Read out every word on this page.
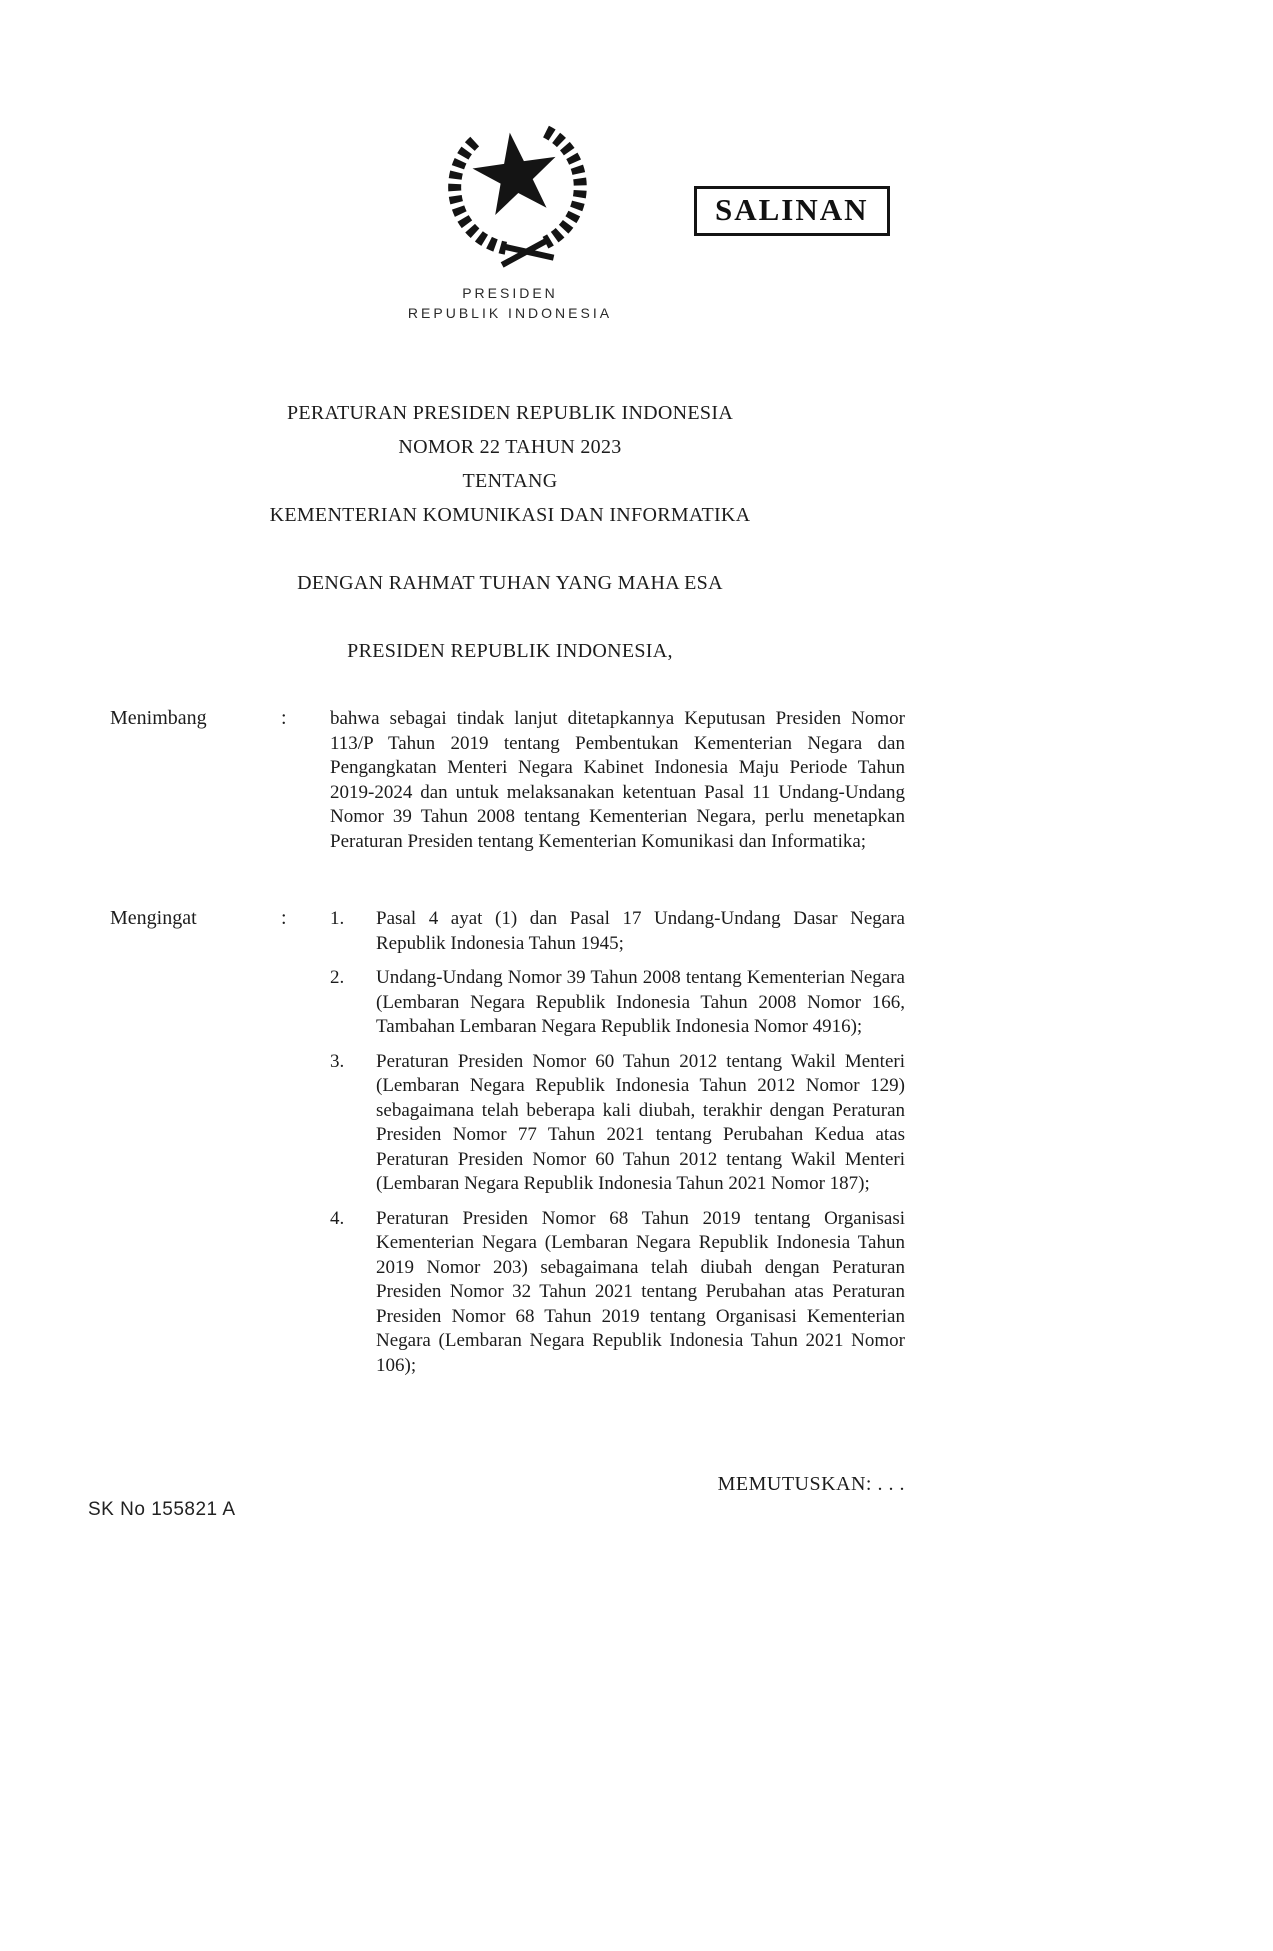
SALINAN
PRESIDEN
REPUBLIK INDONESIA
PERATURAN PRESIDEN REPUBLIK INDONESIA
NOMOR 22 TAHUN 2023
TENTANG
KEMENTERIAN KOMUNIKASI DAN INFORMATIKA
DENGAN RAHMAT TUHAN YANG MAHA ESA
PRESIDEN REPUBLIK INDONESIA,
Menimbang	: bahwa sebagai tindak lanjut ditetapkannya Keputusan Presiden Nomor 113/P Tahun 2019 tentang Pembentukan Kementerian Negara dan Pengangkatan Menteri Negara Kabinet Indonesia Maju Periode Tahun 2019-2024 dan untuk melaksanakan ketentuan Pasal 11 Undang-Undang Nomor 39 Tahun 2008 tentang Kementerian Negara, perlu menetapkan Peraturan Presiden tentang Kementerian Komunikasi dan Informatika;
Mengingat	: 1.	Pasal 4 ayat (1) dan Pasal 17 Undang-Undang Dasar Negara Republik Indonesia Tahun 1945;
2.	Undang-Undang Nomor 39 Tahun 2008 tentang Kementerian Negara (Lembaran Negara Republik Indonesia Tahun 2008 Nomor 166, Tambahan Lembaran Negara Republik Indonesia Nomor 4916);
3.	Peraturan Presiden Nomor 60 Tahun 2012 tentang Wakil Menteri (Lembaran Negara Republik Indonesia Tahun 2012 Nomor 129) sebagaimana telah beberapa kali diubah, terakhir dengan Peraturan Presiden Nomor 77 Tahun 2021 tentang Perubahan Kedua atas Peraturan Presiden Nomor 60 Tahun 2012 tentang Wakil Menteri (Lembaran Negara Republik Indonesia Tahun 2021 Nomor 187);
4.	Peraturan Presiden Nomor 68 Tahun 2019 tentang Organisasi Kementerian Negara (Lembaran Negara Republik Indonesia Tahun 2019 Nomor 203) sebagaimana telah diubah dengan Peraturan Presiden Nomor 32 Tahun 2021 tentang Perubahan atas Peraturan Presiden Nomor 68 Tahun 2019 tentang Organisasi Kementerian Negara (Lembaran Negara Republik Indonesia Tahun 2021 Nomor 106);
MEMUTUSKAN: . . .
SK No 155821 A
